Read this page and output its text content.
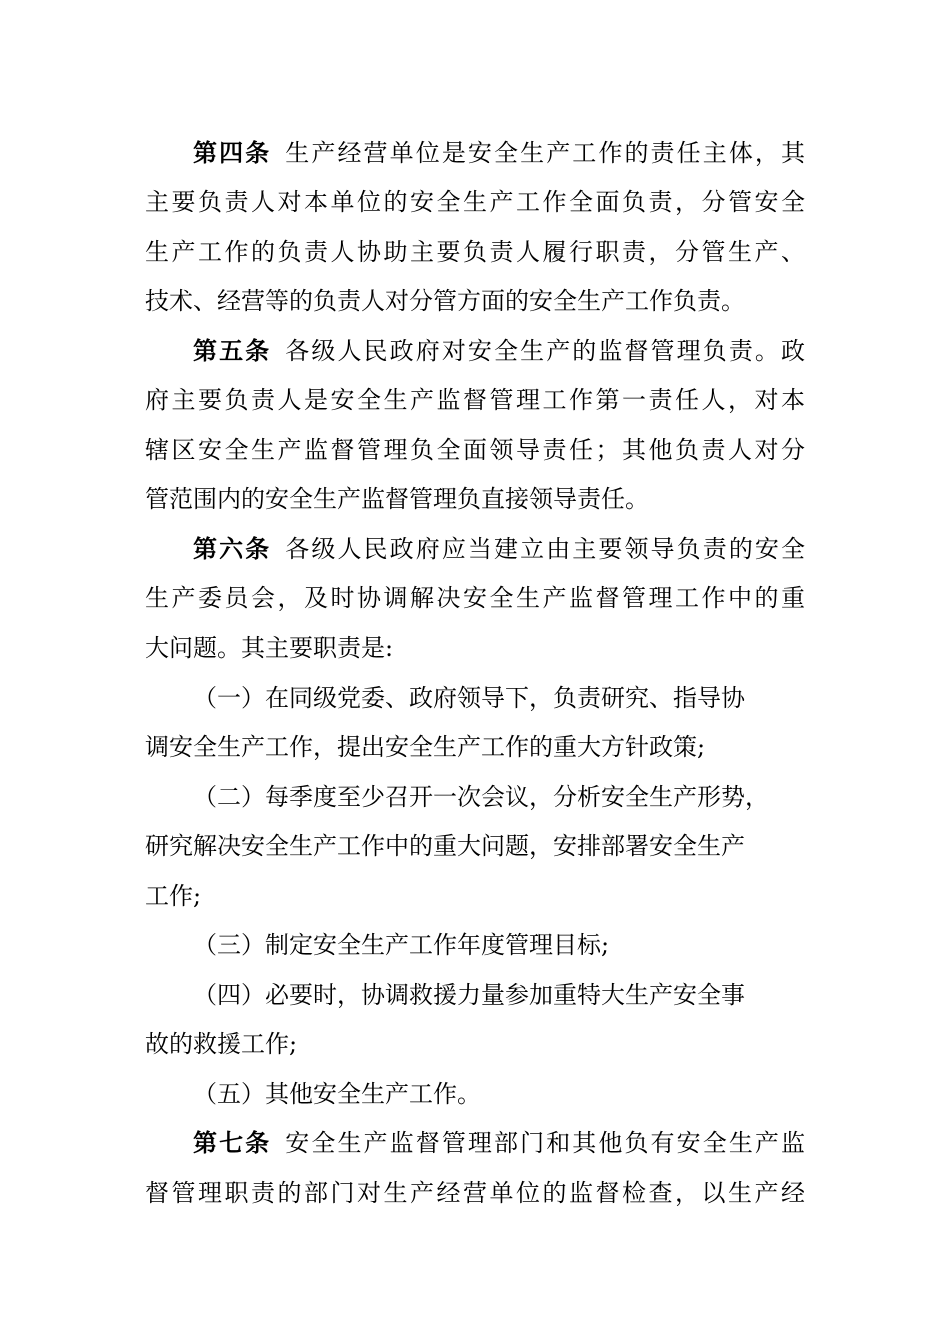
第四条 生产经营单位是安全生产工作的责任主体，其
主要负责人对本单位的安全生产工作全面负责，分管安全
生产工作的负责人协助主要负责人履行职责，分管生产、
技术、经营等的负责人对分管方面的安全生产工作负责。
第五条 各级人民政府对安全生产的监督管理负责。政
府主要负责人是安全生产监督管理工作第一责任人，对本
辖区安全生产监督管理负全面领导责任；其他负责人对分
管范围内的安全生产监督管理负直接领导责任。
第六条 各级人民政府应当建立由主要领导负责的安全
生产委员会，及时协调解决安全生产监督管理工作中的重
大问题。其主要职责是:
（一）在同级党委、政府领导下，负责研究、指导协
调安全生产工作，提出安全生产工作的重大方针政策;
（二）每季度至少召开一次会议，分析安全生产形势，
研究解决安全生产工作中的重大问题，安排部署安全生产
工作;
（三）制定安全生产工作年度管理目标;
（四）必要时，协调救援力量参加重特大生产安全事
故的救援工作;
（五）其他安全生产工作。
第七条 安全生产监督管理部门和其他负有安全生产监
督管理职责的部门对生产经营单位的监督检查，以生产经
